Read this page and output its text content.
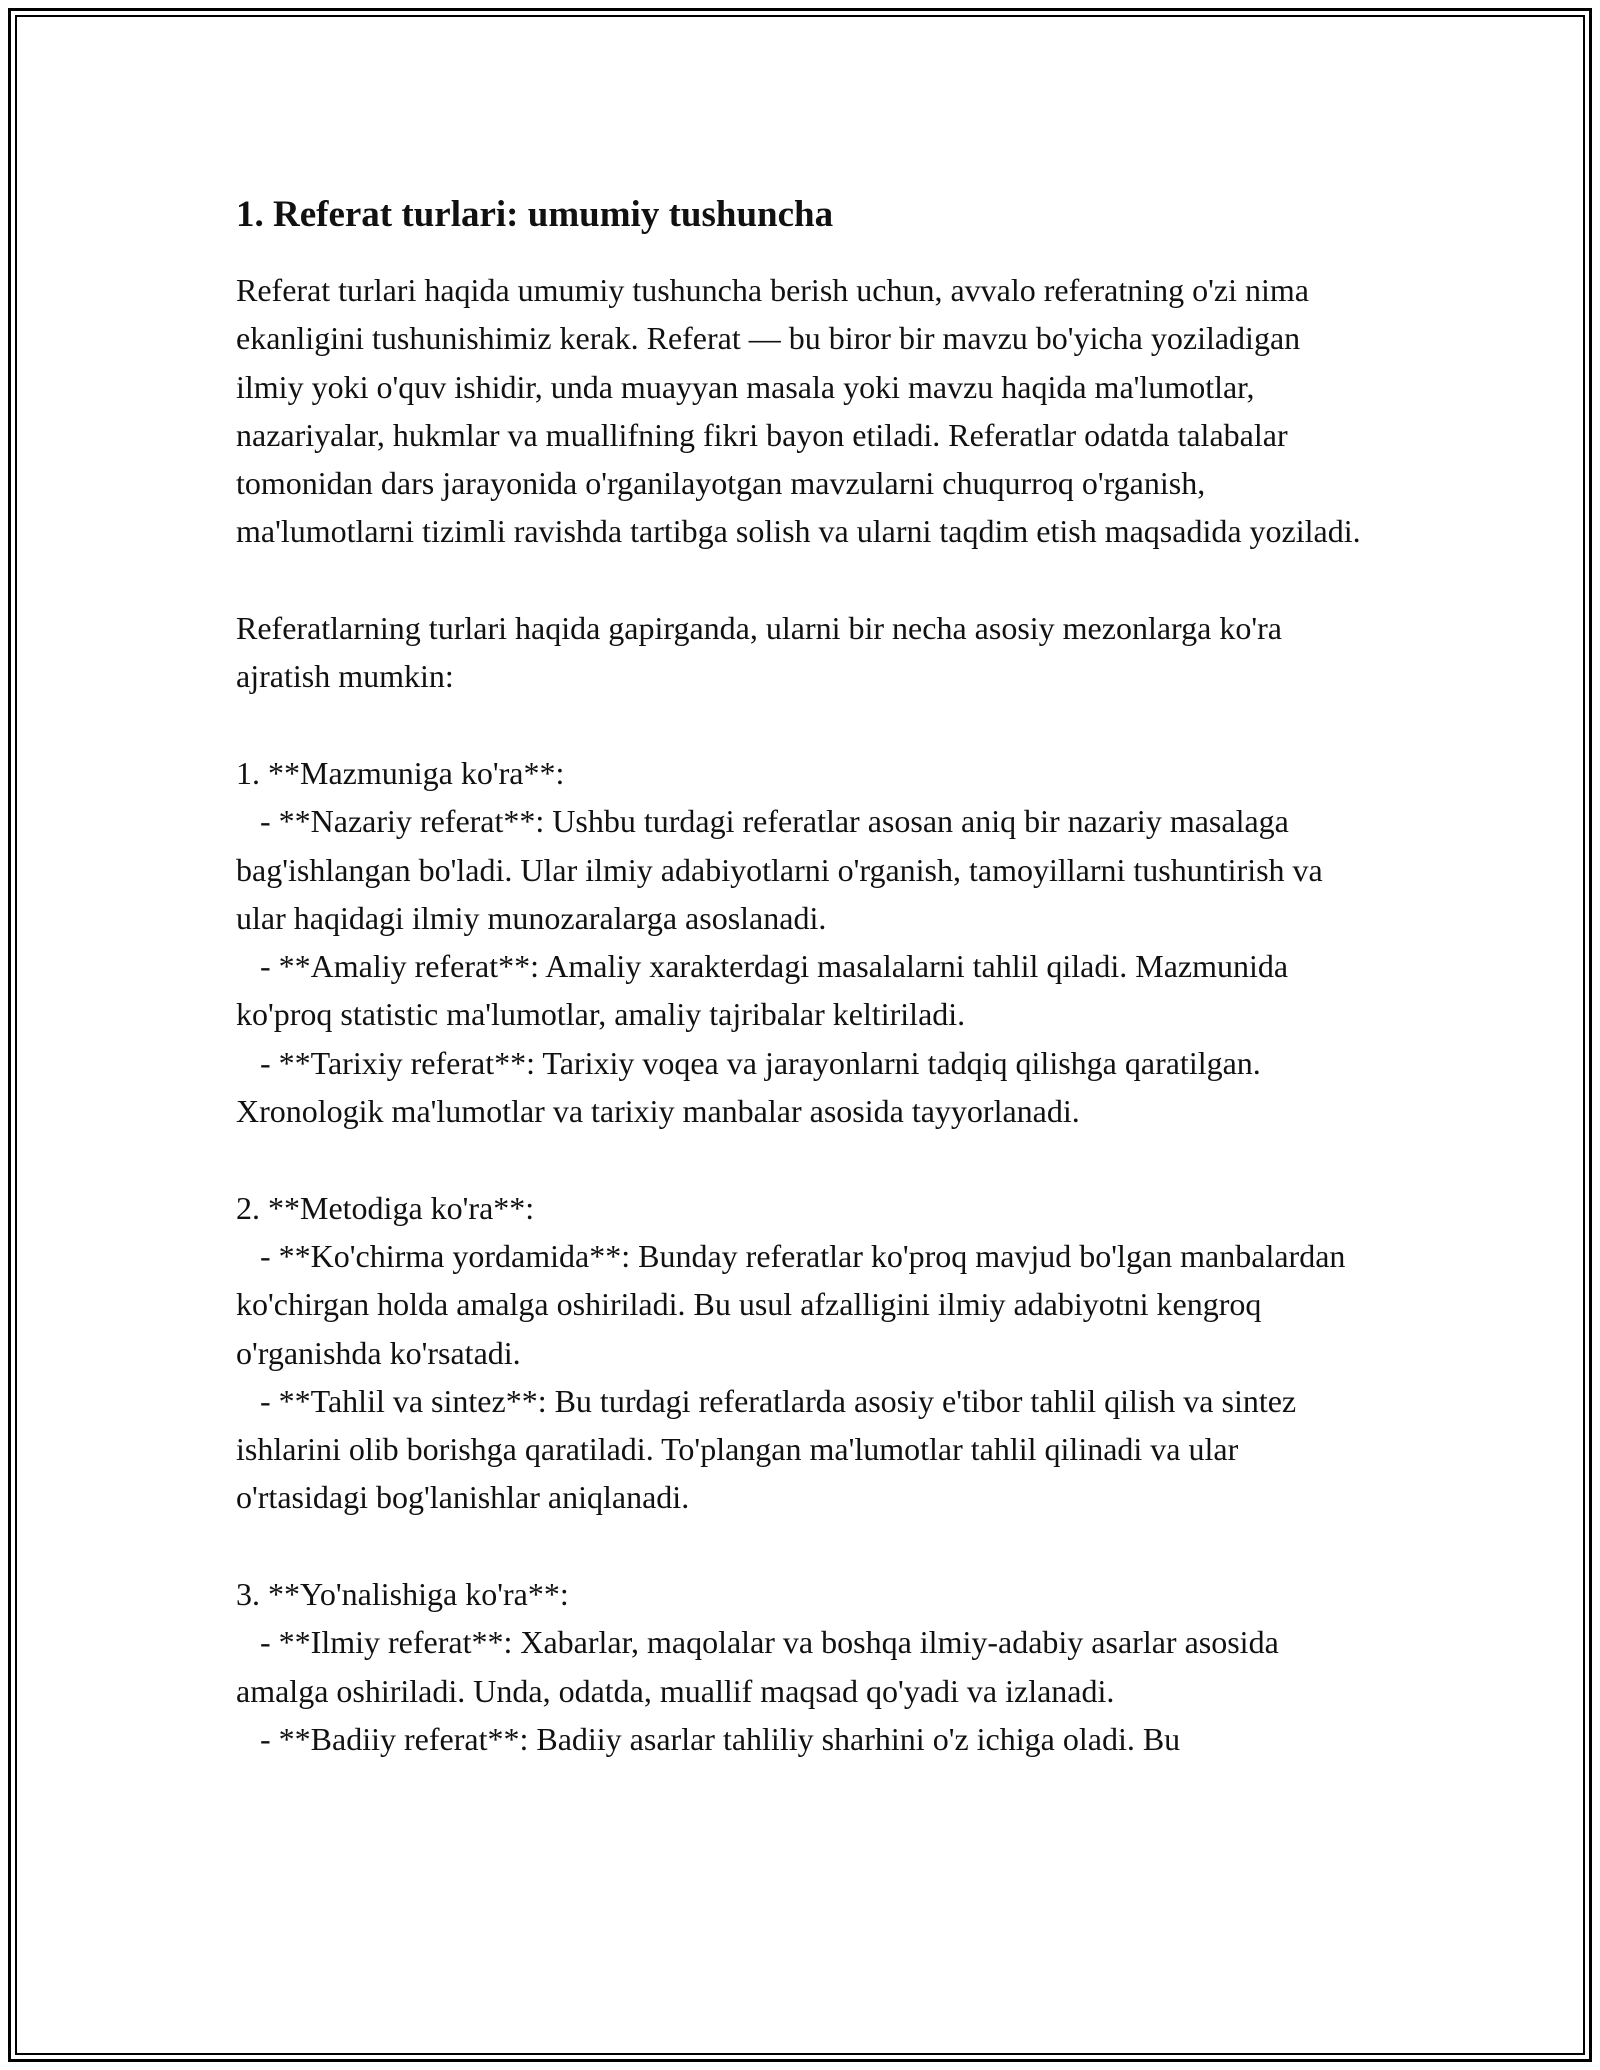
1. Referat turlari: umumiy tushuncha

Referat turlari haqida umumiy tushuncha berish uchun, avvalo referatning o'zi nima ekanligini tushunishimiz kerak. Referat — bu biror bir mavzu bo'yicha yoziladigan ilmiy yoki o'quv ishidir, unda muayyan masala yoki mavzu haqida ma'lumotlar, nazariyalar, hukmlar va muallifning fikri bayon etiladi. Referatlar odatda talabalar tomonidan dars jarayonida o'rganilayotgan mavzularni chuqurroq o'rganish, ma'lumotlarni tizimli ravishda tartibga solish va ularni taqdim etish maqsadida yoziladi.

Referatlarning turlari haqida gapirganda, ularni bir necha asosiy mezonlarga ko'ra ajratish mumkin:

1. **Mazmuniga ko'ra**:
- **Nazariy referat**: Ushbu turdagi referatlar asosan aniq bir nazariy masalaga bag'ishlangan bo'ladi. Ular ilmiy adabiyotlarni o'rganish, tamoyillarni tushuntirish va ular haqidagi ilmiy munozaralarga asoslanadi.
- **Amaliy referat**: Amaliy xarakterdagi masalalarni tahlil qiladi. Mazmunida ko'proq statistic ma'lumotlar, amaliy tajribalar keltiriladi.
- **Tarixiy referat**: Tarixiy voqea va jarayonlarni tadqiq qilishga qaratilgan. Xronologik ma'lumotlar va tarixiy manbalar asosida tayyorlanadi.

2. **Metodiga ko'ra**:
- **Ko'chirma yordamida**: Bunday referatlar ko'proq mavjud bo'lgan manbalardan ko'chirgan holda amalga oshiriladi. Bu usul afzalligini ilmiy adabiyotni kengroq o'rganishda ko'rsatadi.
- **Tahlil va sintez**: Bu turdagi referatlarda asosiy e'tibor tahlil qilish va sintez ishlarini olib borishga qaratiladi. To'plangan ma'lumotlar tahlil qilinadi va ular o'rtasidagi bog'lanishlar aniqlanadi.

3. **Yo'nalishiga ko'ra**:
- **Ilmiy referat**: Xabarlar, maqolalar va boshqa ilmiy-adabiy asarlar asosida amalga oshiriladi. Unda, odatda, muallif maqsad qo'yadi va izlanadi.
- **Badiiy referat**: Badiiy asarlar tahliliy sharhini o'z ichiga oladi. Bu
